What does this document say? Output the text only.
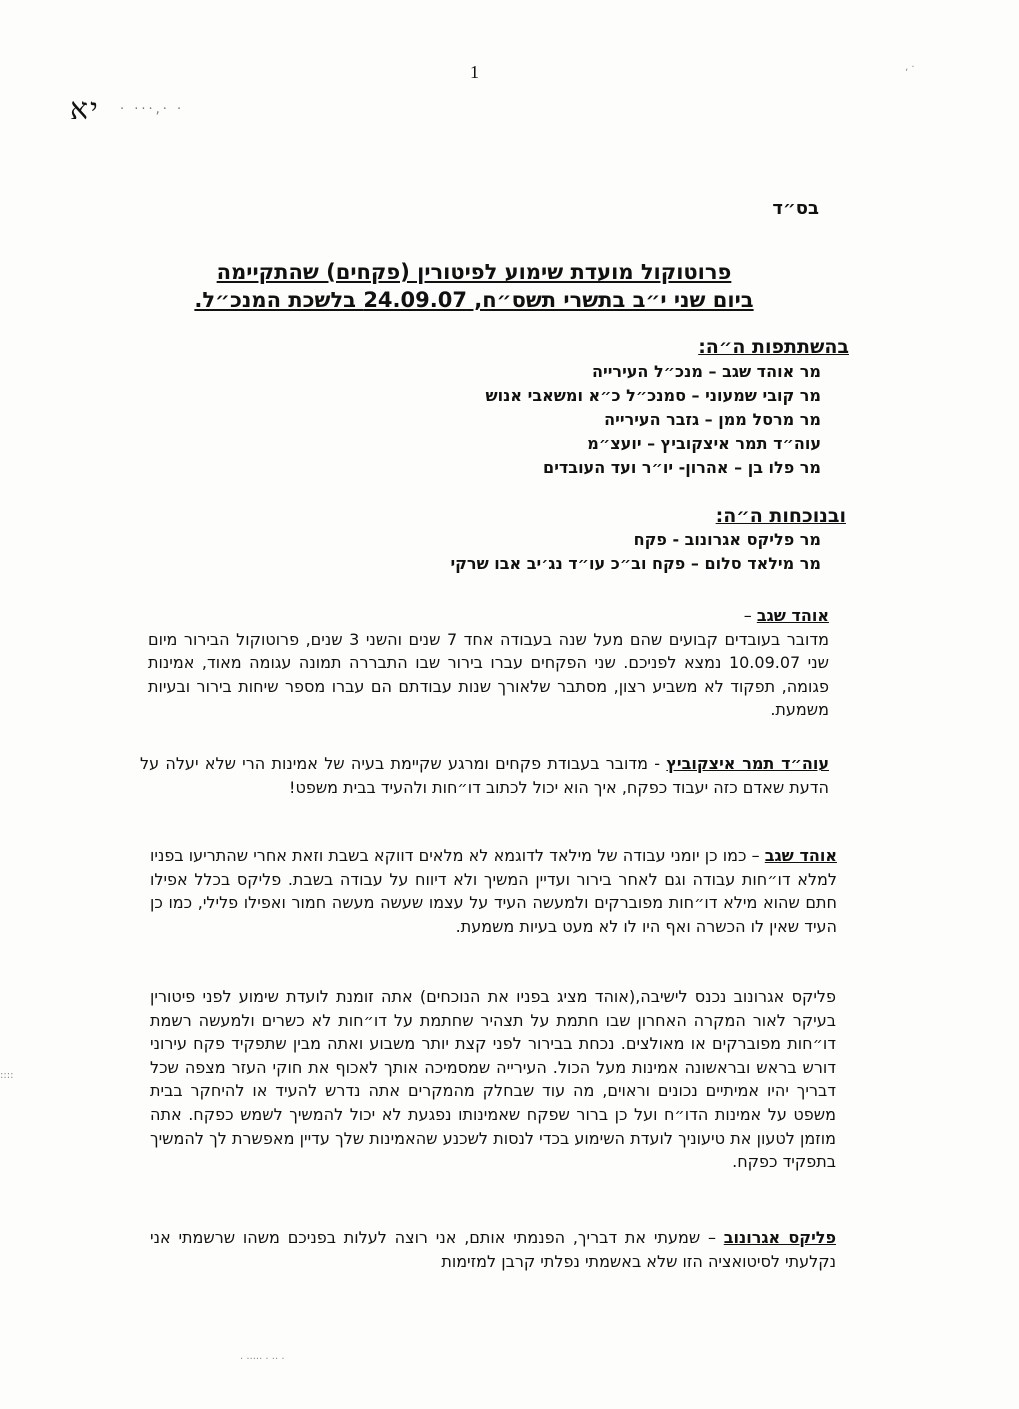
1
יא · ·,··· ·
· ‚
::::
· ·· · ····· ·
בס״ד
פרוטוקול מועדת שימוע לפיטורין (פקחים) שהתקיימה
ביום שני י״ב בתשרי תשס״ח, 24.09.07 בלשכת המנכ״ל.
בהשתתפות ה״ה:
מר אוהד שגב – מנכ״ל העירייה
מר קובי שמעוני – סמנכ״ל כ״א ומשאבי אנוש
מר מרסל ממן – גזבר העירייה
עוה״ד תמר איצקוביץ – יועצ״מ
מר פלו בן – אהרון- יו״ר ועד העובדים
ובנוכחות ה״ה:
מר פליקס אגרונוב - פקח
מר מילאד סלום – פקח וב״כ עו״ד נג׳יב אבו שרקי
אוהד שגב –
מדובר בעובדים קבועים שהם מעל שנה בעבודה אחד 7 שנים והשני 3 שנים, פרוטוקול הבירור מיום שני 10.09.07 נמצא לפניכם. שני הפקחים עברו בירור שבו התבררה תמונה עגומה מאוד, אמינות פגומה, תפקוד לא משביע רצון, מסתבר שלאורך שנות עבודתם הם עברו מספר שיחות בירור ובעיות משמעת.
עוה״ד תמר איצקוביץ - מדובר בעבודת פקחים ומרגע שקיימת בעיה של אמינות הרי שלא יעלה על הדעת שאדם כזה יעבוד כפקח, איך הוא יכול לכתוב דו״חות ולהעיד בבית משפט!
אוהד שגב – כמו כן יומני עבודה של מילאד לדוגמא לא מלאים דווקא בשבת וזאת אחרי שהתריעו בפניו למלא דו״חות עבודה וגם לאחר בירור ועדיין המשיך ולא דיווח על עבודה בשבת. פליקס בכלל אפילו חתם שהוא מילא דו״חות מפוברקים ולמעשה העיד על עצמו שעשה מעשה חמור ואפילו פלילי, כמו כן העיד שאין לו הכשרה ואף היו לו לא מעט בעיות משמעת.
פליקס אגרונוב נכנס לישיבה,(אוהד מציג בפניו את הנוכחים) אתה זומנת לועדת שימוע לפני פיטורין בעיקר לאור המקרה האחרון שבו חתמת על תצהיר שחתמת על דו״חות לא כשרים ולמעשה רשמת דו״חות מפוברקים או מאולצים. נכחת בבירור לפני קצת יותר משבוע ואתה מבין שתפקיד פקח עירוני דורש בראש ובראשונה אמינות מעל הכול. העירייה שמסמיכה אותך לאכוף את חוקי העזר מצפה שכל דבריך יהיו אמיתיים נכונים וראוים, מה עוד שבחלק מהמקרים אתה נדרש להעיד או להיחקר בבית משפט על אמינות הדו״ח ועל כן ברור שפקח שאמינותו נפגעת לא יכול להמשיך לשמש כפקח. אתה מוזמן לטעון את טיעוניך לועדת השימוע בכדי לנסות לשכנע שהאמינות שלך עדיין מאפשרת לך להמשיך בתפקיד כפקח.
פליקס אגרונוב – שמעתי את דבריך, הפנמתי אותם, אני רוצה לעלות בפניכם משהו שרשמתי אני נקלעתי לסיטואציה הזו שלא באשמתי נפלתי קרבן למזימות
